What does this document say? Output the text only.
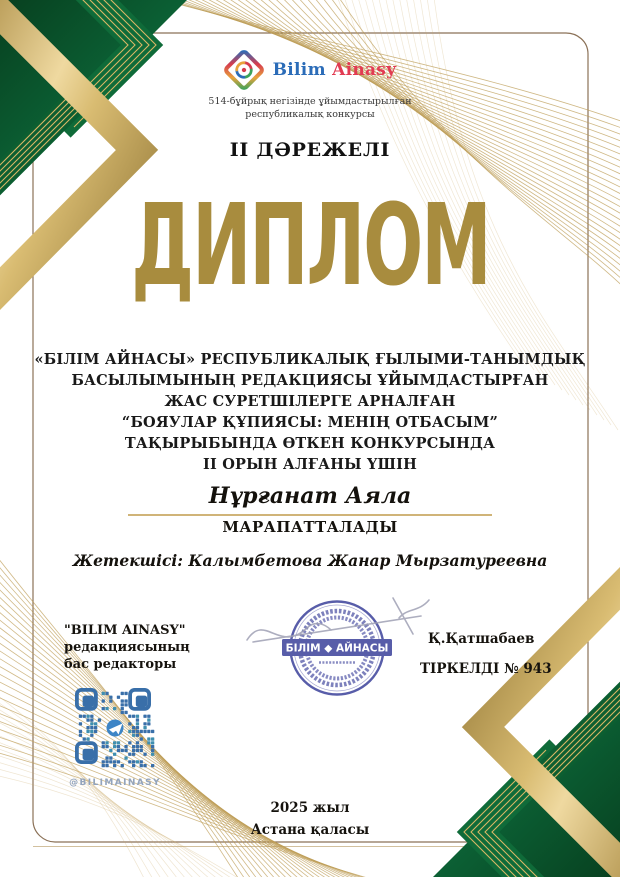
Bilim Ainasy
514-бұйрық негізінде ұйымдастырылған
республикалық конкурсы
II ДӘРЕЖЕЛІ
ДИПЛОМ
«БІЛІМ АЙНАСЫ» РЕСПУБЛИКАЛЫҚ ҒЫЛЫМИ-ТАНЫМДЫҚ
БАСЫЛЫМЫНЫҢ РЕДАКЦИЯСЫ ҰЙЫМДАСТЫРҒАН
ЖАС СУРЕТШІЛЕРГЕ АРНАЛҒАН
“БОЯУЛАР ҚҰПИЯСЫ: МЕНІҢ ОТБАСЫМ”
ТАҚЫРЫБЫНДА ӨТКЕН КОНКУРСЫНДА
II ОРЫН АЛҒАНЫ ҮШІН
Нұрғанат Аяла
МАРАПАТТАЛАДЫ
Жетекшісі: Калымбетова Жанар Мырзатуреевна
"BILIM AINASY" редакциясының
бас редакторы
БІЛІМ ◆ АЙНАСЫ
Қ.Қатшабаев
ТІРКЕЛДІ № 943
@BILIMAINASY
2025 жыл
Астана қаласы
